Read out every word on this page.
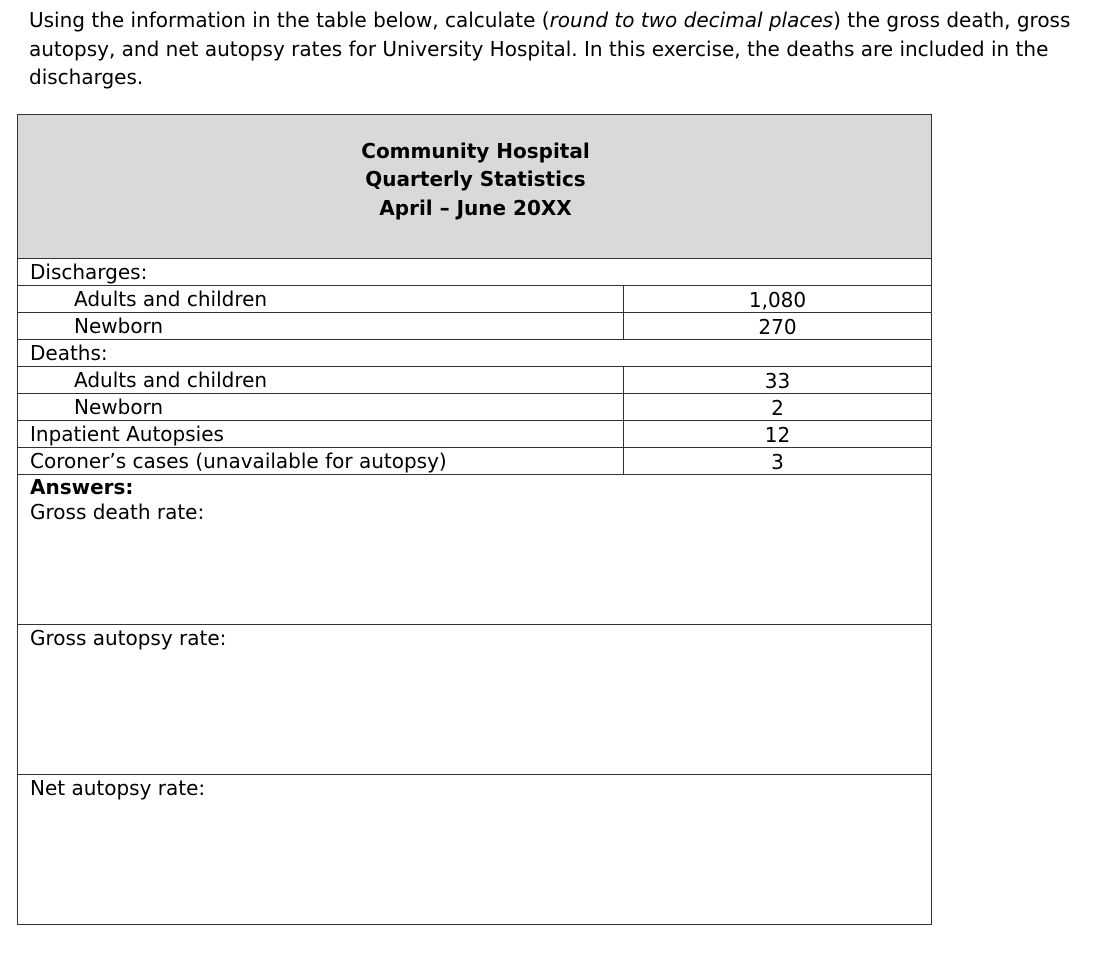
Using the information in the table below, calculate (round to two decimal places) the gross death, gross autopsy, and net autopsy rates for University Hospital. In this exercise, the deaths are included in the discharges.
Community Hospital
Quarterly Statistics
April – June 20XX	

Discharges:	
Adults and children	1,080
Newborn	270
Deaths:	
Adults and children	33
Newborn	2
Inpatient Autopsies	12
Coroner’s cases (unavailable for autopsy)	3

Answers:
Gross death rate:	

Gross autopsy rate:	

Net autopsy rate:	
